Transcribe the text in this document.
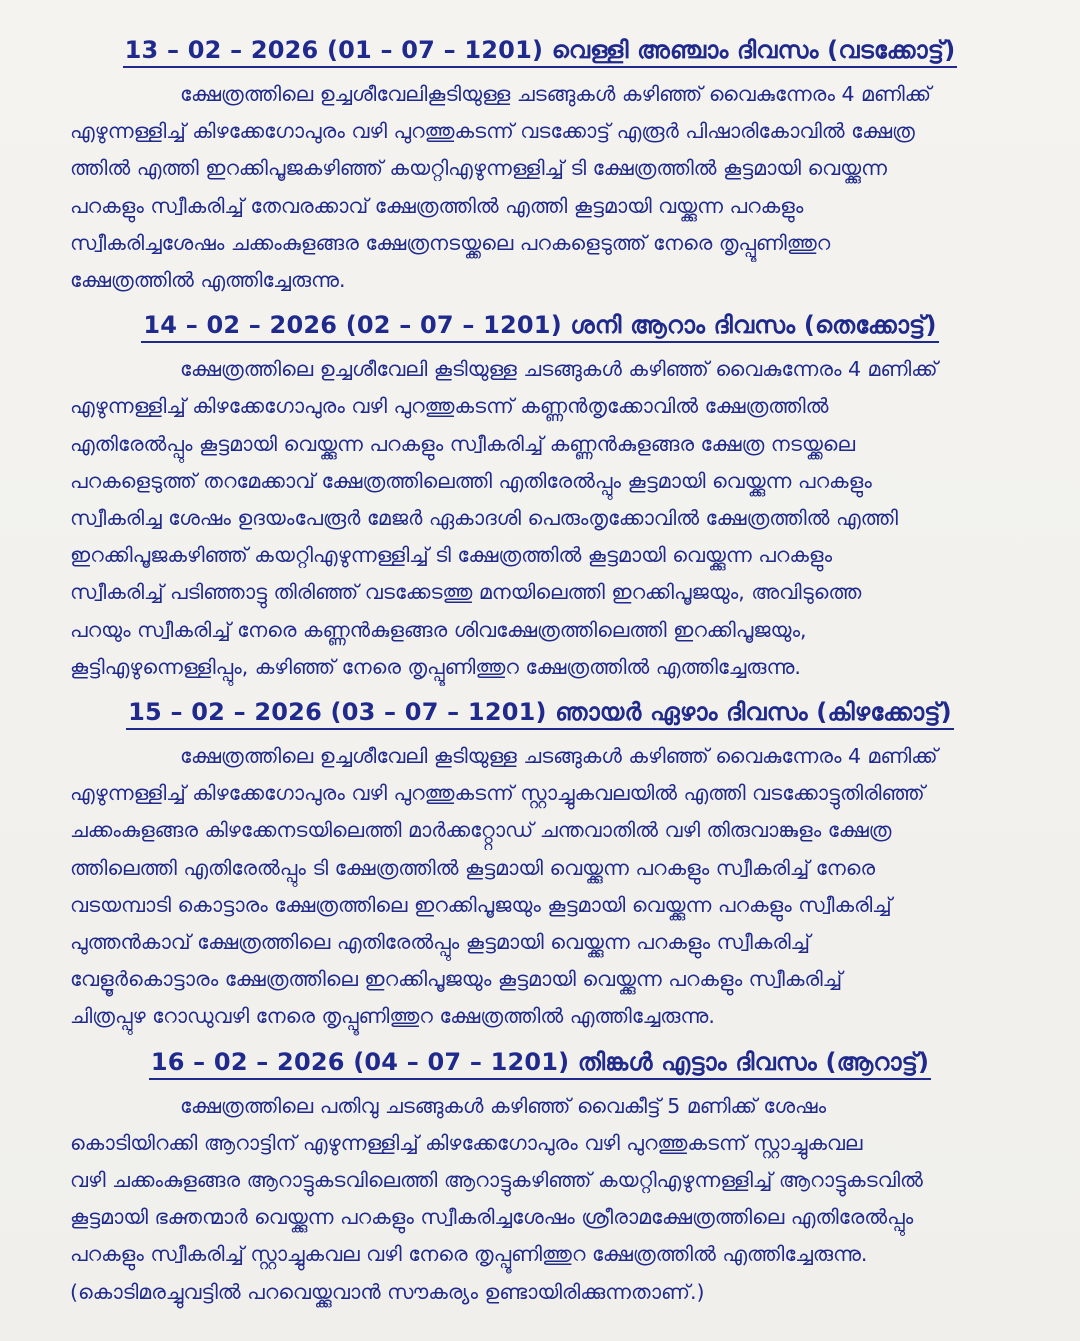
13 – 02 – 2026 (01 – 07 – 1201) വെള്ളി അഞ്ചാം ദിവസം (വടക്കോട്ട്)
ക്ഷേത്രത്തിലെ ഉച്ചശീവേലികൂടിയുള്ള ചടങ്ങുകൾ കഴിഞ്ഞ് വൈകുന്നേരം 4 മണിക്ക്
എഴുന്നള്ളിച്ച് കിഴക്കേഗോപുരം വഴി പുറത്തുകടന്ന് വടക്കോട്ട് എരൂർ പിഷാരികോവിൽ ക്ഷേത്ര
ത്തിൽ എത്തി ഇറക്കിപൂജകഴിഞ്ഞ് കയറ്റിഎഴുന്നള്ളിച്ച് ടി ക്ഷേത്രത്തിൽ കൂട്ടമായി വെയ്ക്കുന്ന
പറകളും സ്വീകരിച്ച് തേവരക്കാവ് ക്ഷേത്രത്തിൽ എത്തി കൂട്ടമായി വയ്ക്കുന്ന പറകളും
സ്വീകരിച്ചശേഷം ചക്കംകുളങ്ങര ക്ഷേത്രനടയ്ക്കലെ പറകളെടുത്ത് നേരെ തൃപ്പൂണിത്തുറ
ക്ഷേത്രത്തിൽ എത്തിച്ചേരുന്നു.
14 – 02 – 2026 (02 – 07 – 1201) ശനി ആറാം ദിവസം (തെക്കോട്ട്)
ക്ഷേത്രത്തിലെ ഉച്ചശീവേലി കൂടിയുള്ള ചടങ്ങുകൾ കഴിഞ്ഞ് വൈകുന്നേരം 4 മണിക്ക്
എഴുന്നള്ളിച്ച് കിഴക്കേഗോപുരം വഴി പുറത്തുകടന്ന് കണ്ണൻതൃക്കോവിൽ ക്ഷേത്രത്തിൽ
എതിരേൽപ്പും കൂട്ടമായി വെയ്ക്കുന്ന പറകളും സ്വീകരിച്ച് കണ്ണൻകുളങ്ങര ക്ഷേത്ര നടയ്ക്കലെ
പറകളെടുത്ത് തറമേക്കാവ് ക്ഷേത്രത്തിലെത്തി എതിരേൽപ്പും കൂട്ടമായി വെയ്ക്കുന്ന പറകളും
സ്വീകരിച്ച ശേഷം ഉദയംപേരൂർ മേജർ ഏകാദശി പെരുംതൃക്കോവിൽ ക്ഷേത്രത്തിൽ എത്തി
ഇറക്കിപൂജകഴിഞ്ഞ് കയറ്റിഎഴുന്നള്ളിച്ച് ടി ക്ഷേത്രത്തിൽ കൂട്ടമായി വെയ്ക്കുന്ന പറകളും
സ്വീകരിച്ച് പടിഞ്ഞാട്ടു തിരിഞ്ഞ് വടക്കേടത്തു മനയിലെത്തി ഇറക്കിപൂജയും, അവിടുത്തെ
പറയും സ്വീകരിച്ച് നേരെ കണ്ണൻകുളങ്ങര ശിവക്ഷേത്രത്തിലെത്തി ഇറക്കിപൂജയും,
കൂട്ടിഎഴുന്നെള്ളിപ്പും, കഴിഞ്ഞ് നേരെ തൃപ്പൂണിത്തുറ ക്ഷേത്രത്തിൽ എത്തിച്ചേരുന്നു.
15 – 02 – 2026 (03 – 07 – 1201) ഞായർ ഏഴാം ദിവസം (കിഴക്കോട്ട്)
ക്ഷേത്രത്തിലെ ഉച്ചശീവേലി കൂടിയുള്ള ചടങ്ങുകൾ കഴിഞ്ഞ് വൈകുന്നേരം 4 മണിക്ക്
എഴുന്നള്ളിച്ച് കിഴക്കേഗോപുരം വഴി പുറത്തുകടന്ന് സ്റ്റാച്ചുകവലയിൽ എത്തി വടക്കോട്ടുതിരിഞ്ഞ്
ചക്കംകുളങ്ങര കിഴക്കേനടയിലെത്തി മാർക്കറ്റ്റോഡ് ചന്തവാതിൽ വഴി തിരുവാങ്കുളം ക്ഷേത്ര
ത്തിലെത്തി എതിരേൽപ്പും ടി ക്ഷേത്രത്തിൽ കൂട്ടമായി വെയ്ക്കുന്ന പറകളും സ്വീകരിച്ച് നേരെ
വടയമ്പാടി കൊട്ടാരം ക്ഷേത്രത്തിലെ ഇറക്കിപൂജയും കൂട്ടമായി വെയ്ക്കുന്ന പറകളും സ്വീകരിച്ച്
പുത്തൻകാവ് ക്ഷേത്രത്തിലെ എതിരേൽപ്പും കൂട്ടമായി വെയ്ക്കുന്ന പറകളും സ്വീകരിച്ച്
വേളൂർകൊട്ടാരം ക്ഷേത്രത്തിലെ ഇറക്കിപൂജയും കൂട്ടമായി വെയ്ക്കുന്ന പറകളും സ്വീകരിച്ച്
ചിത്രപ്പുഴ റോഡുവഴി നേരെ തൃപ്പൂണിത്തുറ ക്ഷേത്രത്തിൽ എത്തിച്ചേരുന്നു.
16 – 02 – 2026 (04 – 07 – 1201) തിങ്കൾ എട്ടാം ദിവസം (ആറാട്ട്)
ക്ഷേത്രത്തിലെ പതിവു ചടങ്ങുകൾ കഴിഞ്ഞ് വൈകീട്ട് 5 മണിക്ക് ശേഷം
കൊടിയിറക്കി ആറാട്ടിന് എഴുന്നള്ളിച്ച് കിഴക്കേഗോപുരം വഴി പുറത്തുകടന്ന് സ്റ്റാച്ചുകവല
വഴി ചക്കംകുളങ്ങര ആറാട്ടുകടവിലെത്തി ആറാട്ടുകഴിഞ്ഞ് കയറ്റിഎഴുന്നള്ളിച്ച് ആറാട്ടുകടവിൽ
കൂട്ടമായി ഭക്തന്മാർ വെയ്ക്കുന്ന പറകളും സ്വീകരിച്ചശേഷം ശ്രീരാമക്ഷേത്രത്തിലെ എതിരേൽപ്പും
പറകളും സ്വീകരിച്ച് സ്റ്റാച്ചുകവല വഴി നേരെ തൃപ്പൂണിത്തുറ ക്ഷേത്രത്തിൽ എത്തിച്ചേരുന്നു.
(കൊടിമരച്ചുവട്ടിൽ പറവെയ്ക്കുവാൻ സൗകര്യം ഉണ്ടായിരിക്കുന്നതാണ്.)
